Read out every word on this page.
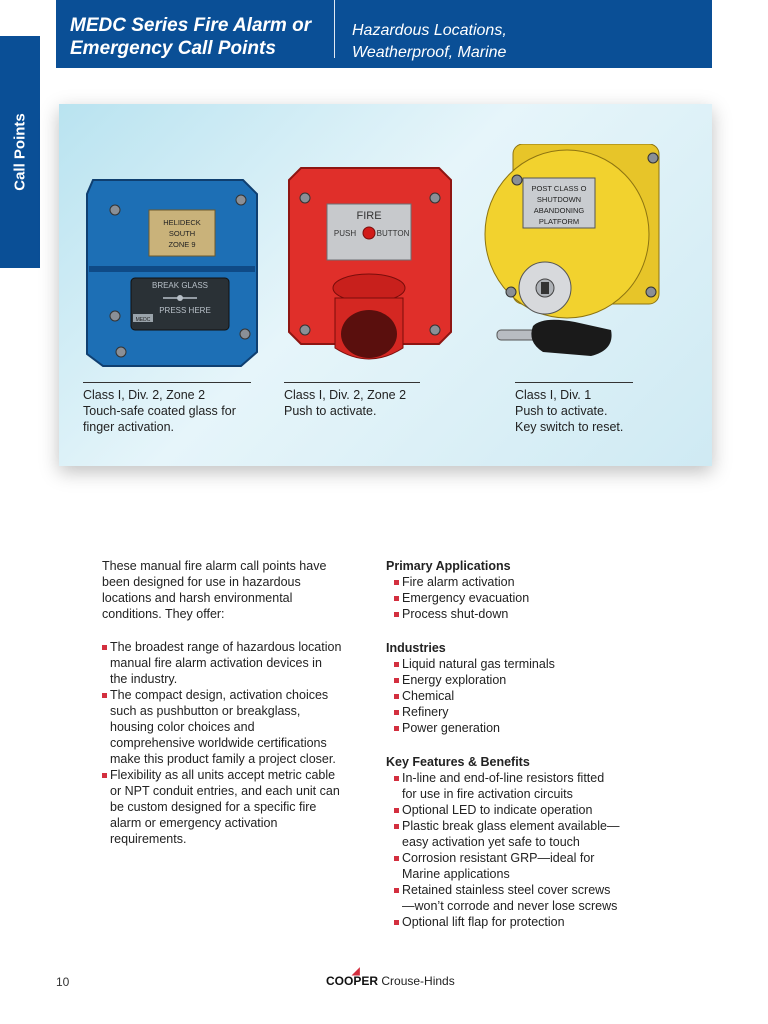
MEDC Series Fire Alarm or
Emergency Call Points
Hazardous Locations,
Weatherproof, Marine
Call Points
HELIDECK
SOUTH
ZONE 9
BREAK GLASS
PRESS HERE
MEDC
Class I, Div. 2, Zone 2
Touch-safe coated glass for
finger activation.
FIRE
PUSH	BUTTON
Class I, Div. 2, Zone 2
Push to activate.
POST CLASS O
SHUTDOWN
ABANDONING
PLATFORM
Class I, Div. 1
Push to activate.
Key switch to reset.

These manual fire alarm call points have been designed for use in hazardous locations and harsh environmental conditions. They offer:

The broadest range of hazardous location manual fire alarm activation devices in the industry.
The compact design, activation choices such as pushbutton or breakglass, housing color choices and comprehensive worldwide certifications make this product family a project closer.
Flexibility as all units accept metric cable or NPT conduit entries, and each unit can be custom designed for a specific fire alarm or emergency activation requirements.

Primary Applications

Fire alarm activation
Emergency evacuation
Process shut-down

Industries

Liquid natural gas terminals
Energy exploration
Chemical
Refinery
Power generation

Key Features & Benefits

In-line and end-of-line resistors fitted for use in fire activation circuits
Optional LED to indicate operation
Plastic break glass element available—easy activation yet safe to touch
Corrosion resistant GRP—ideal for Marine applications
Retained stainless steel cover screws—won’t corrode and never lose screws
Optional lift flap for protection
10
◢
COOPER Crouse-Hinds
